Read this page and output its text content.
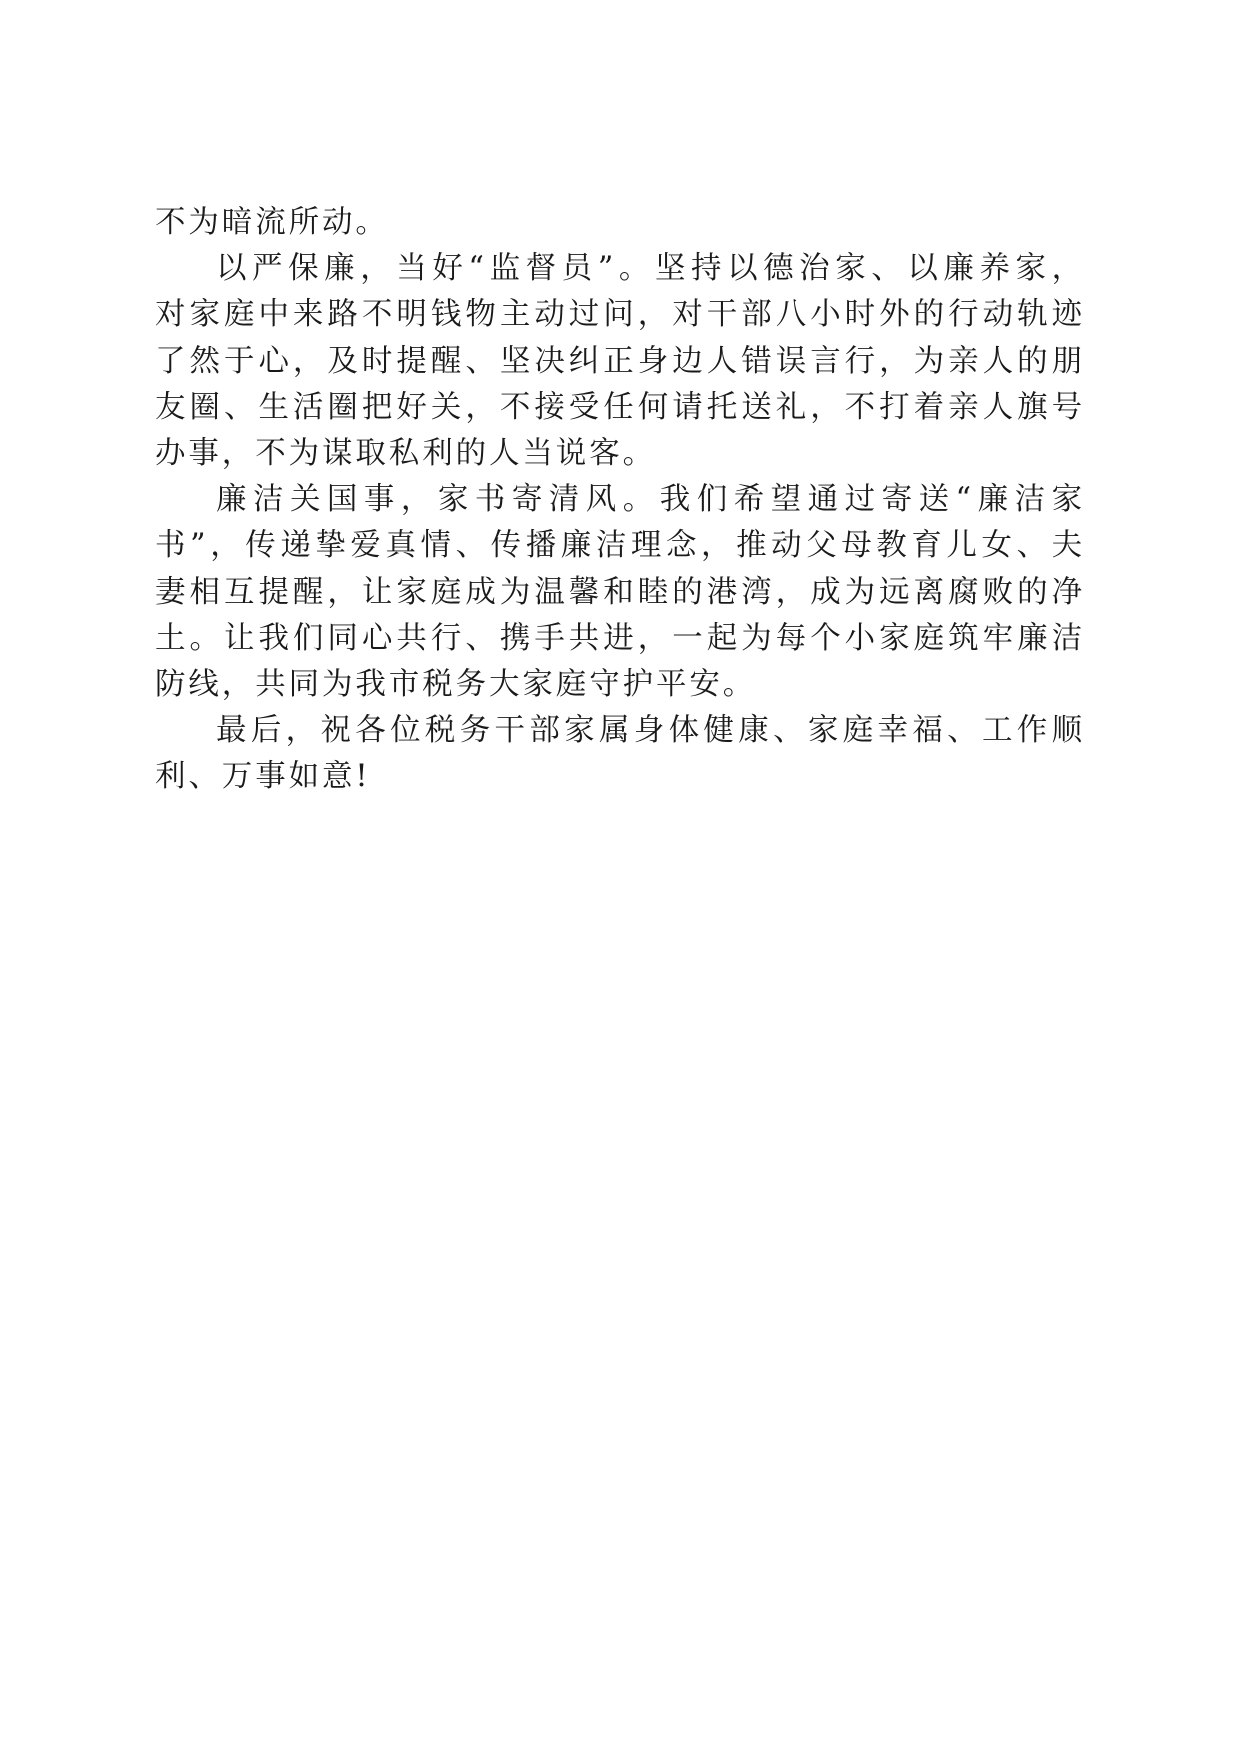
不为暗流所动。

以严保廉，当好“监督员”。坚持以德治家、以廉养家，
对家庭中来路不明钱物主动过问，对干部八小时外的行动轨迹
了然于心，及时提醒、坚决纠正身边人错误言行，为亲人的朋
友圈、生活圈把好关，不接受任何请托送礼，不打着亲人旗号
办事，不为谋取私利的人当说客。

廉洁关国事，家书寄清风。我们希望通过寄送“廉洁家
书”，传递挚爱真情、传播廉洁理念，推动父母教育儿女、夫
妻相互提醒，让家庭成为温馨和睦的港湾，成为远离腐败的净
土。让我们同心共行、携手共进，一起为每个小家庭筑牢廉洁
防线，共同为我市税务大家庭守护平安。

最后，祝各位税务干部家属身体健康、家庭幸福、工作顺
利、万事如意!
